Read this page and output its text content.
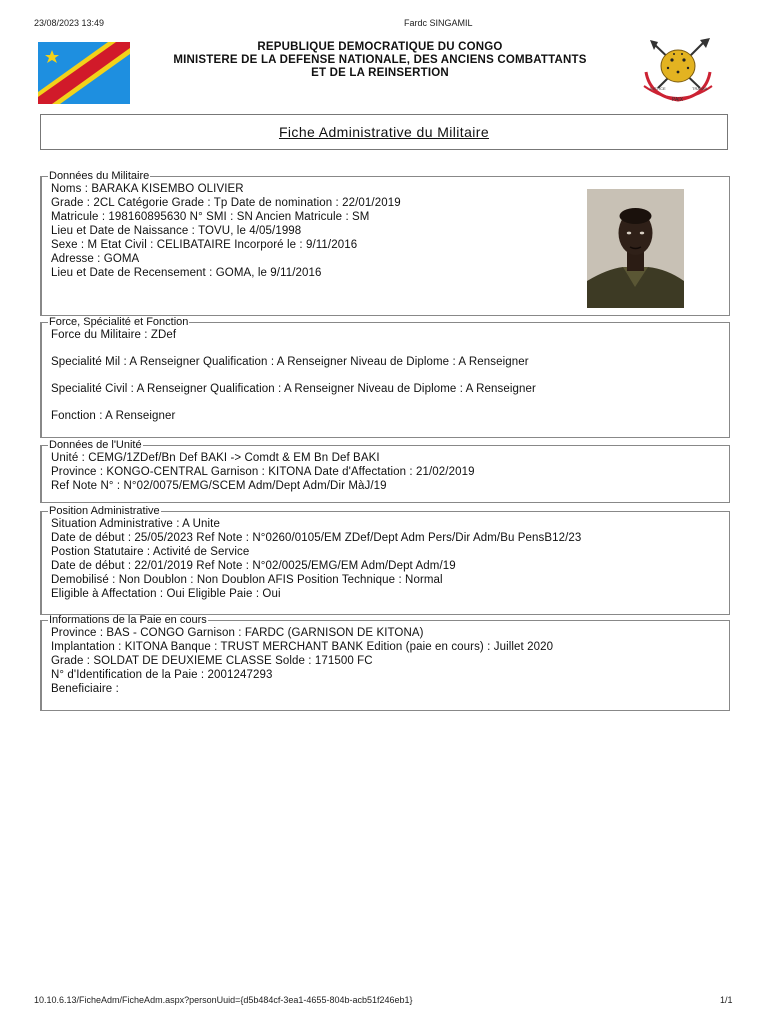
23/08/2023 13:49	Fardc SINGAMIL
REPUBLIQUE DEMOCRATIQUE DU CONGO
MINISTERE DE LA DEFENSE NATIONALE, DES ANCIENS COMBATTANTS
ET DE LA REINSERTION
JUSTICE
PAIX
TRAVAIL
Fiche Administrative du Militaire
Données du Militaire
Noms : BARAKA KISEMBO OLIVIER
Grade : 2CL Catégorie Grade : Tp Date de nomination : 22/01/2019
Matricule : 198160895630 N° SMI : SN Ancien Matricule : SM
Lieu et Date de Naissance : TOVU, le 4/05/1998
Sexe : M Etat Civil : CELIBATAIRE Incorporé le : 9/11/2016
Adresse : GOMA
Lieu et Date de Recensement : GOMA, le 9/11/2016
Force, Spécialité et Fonction
Force du Militaire : ZDef
Specialité Mil : A Renseigner Qualification : A Renseigner Niveau de Diplome : A Renseigner
Specialité Civil : A Renseigner Qualification : A Renseigner Niveau de Diplome : A Renseigner
Fonction : A Renseigner
Données de l'Unité
Unité : CEMG/1ZDef/Bn Def BAKI -> Comdt & EM Bn Def BAKI
Province : KONGO-CENTRAL Garnison : KITONA Date d'Affectation : 21/02/2019
Ref Note N° : N°02/0075/EMG/SCEM Adm/Dept Adm/Dir MàJ/19
Position Administrative
Situation Administrative : A Unite
Date de début : 25/05/2023 Ref Note : N°0260/0105/EM ZDef/Dept Adm Pers/Dir Adm/Bu PensB12/23
Postion Statutaire : Activité de Service
Date de début : 22/01/2019 Ref Note : N°02/0025/EMG/EM Adm/Dept Adm/19
Demobilisé : Non Doublon : Non Doublon AFIS Position Technique : Normal
Eligible à Affectation : Oui Eligible Paie : Oui
Informations de la Paie en cours
Province : BAS - CONGO Garnison : FARDC (GARNISON DE KITONA)
Implantation : KITONA Banque : TRUST MERCHANT BANK Edition (paie en cours) : Juillet 2020
Grade : SOLDAT DE DEUXIEME CLASSE Solde : 171500 FC
N° d'Identification de la Paie : 2001247293
Beneficiaire :
10.10.6.13/FicheAdm/FicheAdm.aspx?personUuid={d5b484cf-3ea1-4655-804b-acb51f246eb1}	1/1
